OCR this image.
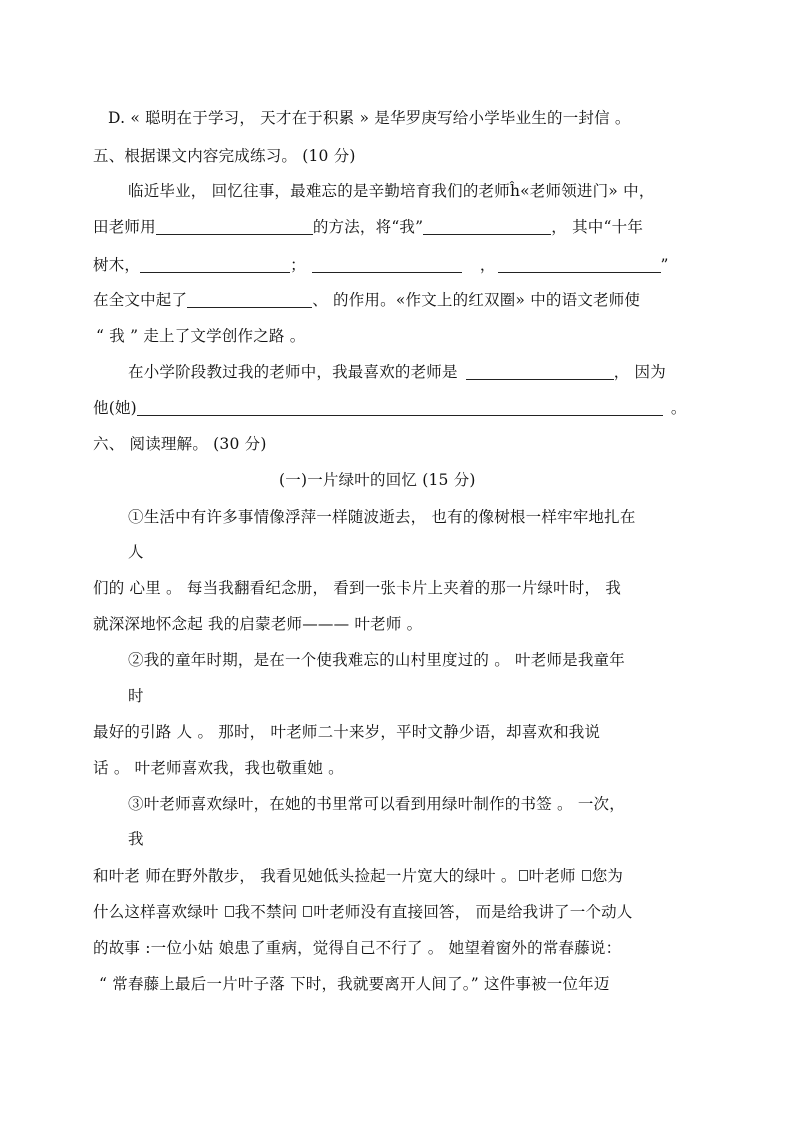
D. « 聪明在于学习， 天才在于积累 » 是华罗庚写给小学毕业生的一封信 。
五、根据课文内容完成练习。 (10 分)
临近毕业， 回忆往事，最难忘的是辛勤培育我们的老师ĥ«老师领进门» 中，
田老师用	的方法，将“我”	， 其中“十年
树木，	；	，	”
在全文中起了	、 的作用。«作文上的红双圈» 中的语文老师使
“ 我 ” 走上了文学创作之路 。
在小学阶段教过我的老师中，我最喜欢的老师是	， 因为
他(她)	。
六、 阅读理解。 (30 分)
(一)一片绿叶的回忆 (15 分)
①生活中有许多事情像浮萍一样随波逝去， 也有的像树根一样牢牢地扎在
人
们的 心里 。 每当我翻看纪念册， 看到一张卡片上夹着的那一片绿叶时， 我
就深深地怀念起 我的启蒙老师——— 叶老师 。
②我的童年时期，是在一个使我难忘的山村里度过的 。 叶老师是我童年
时
最好的引路 人 。 那时， 叶老师二十来岁，平时文静少语，却喜欢和我说
话 。 叶老师喜欢我，我也敬重她 。
③叶老师喜欢绿叶，在她的书里常可以看到用绿叶制作的书签 。 一次，
我
和叶老 师在野外散步， 我看见她低头捡起一片宽大的绿叶 。 叶老师 您为
什么这样喜欢绿叶 我不禁问 叶老师没有直接回答， 而是给我讲了一个动人
的故事 :一位小姑 娘患了重病，觉得自己不行了 。 她望着窗外的常春藤说：
“ 常春藤上最后一片叶子落 下时，我就要离开人间了。” 这件事被一位年迈
